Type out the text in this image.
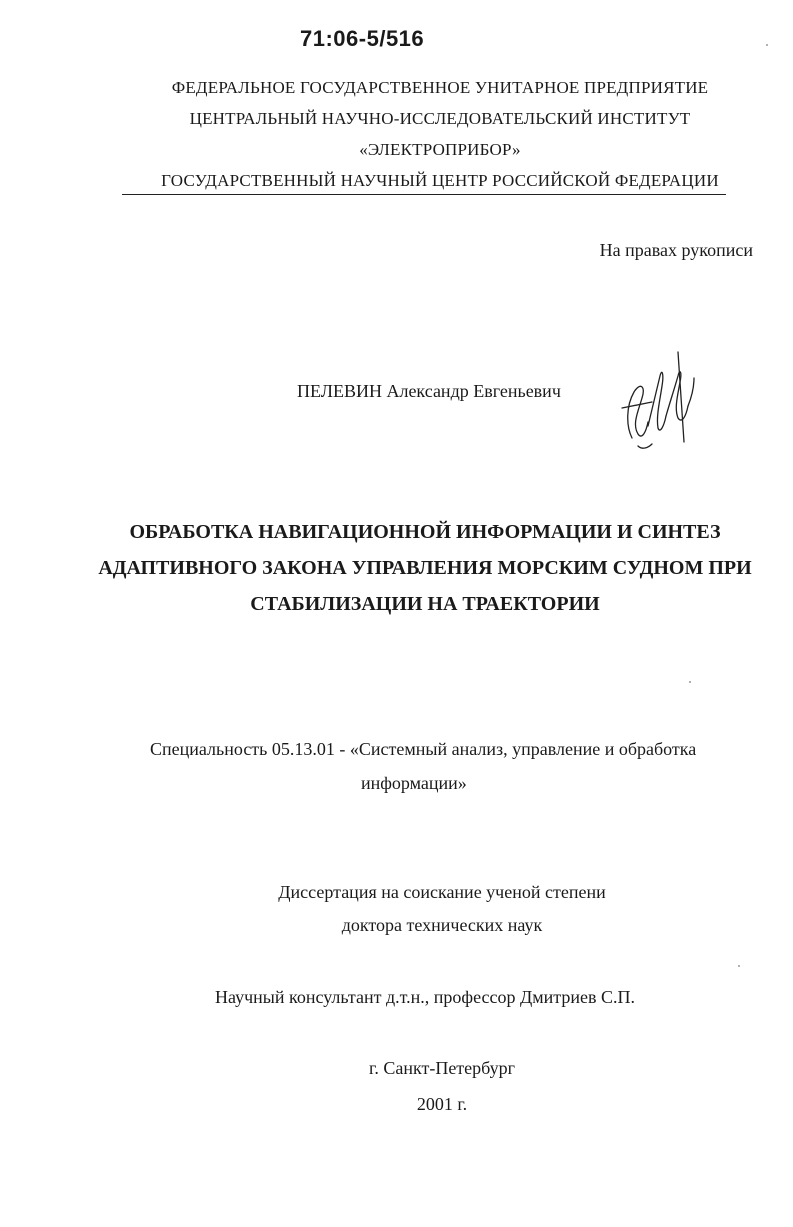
71:06-5/516
ФЕДЕРАЛЬНОЕ ГОСУДАРСТВЕННОЕ УНИТАРНОЕ ПРЕДПРИЯТИЕ
ЦЕНТРАЛЬНЫЙ НАУЧНО-ИССЛЕДОВАТЕЛЬСКИЙ ИНСТИТУТ
«ЭЛЕКТРОПРИБОР»
ГОСУДАРСТВЕННЫЙ НАУЧНЫЙ ЦЕНТР РОССИЙСКОЙ ФЕДЕРАЦИИ
На правах рукописи
ПЕЛЕВИН Александр Евгеньевич
ОБРАБОТКА НАВИГАЦИОННОЙ ИНФОРМАЦИИ И СИНТЕЗ
АДАПТИВНОГО ЗАКОНА УПРАВЛЕНИЯ МОРСКИМ СУДНОМ ПРИ
СТАБИЛИЗАЦИИ НА ТРАЕКТОРИИ
Специальность 05.13.01 - «Системный анализ, управление и обработка
информации»
Диссертация на соискание ученой степени
доктора технических наук
Научный консультант д.т.н., профессор Дмитриев С.П.
г. Санкт-Петербург
2001 г.
